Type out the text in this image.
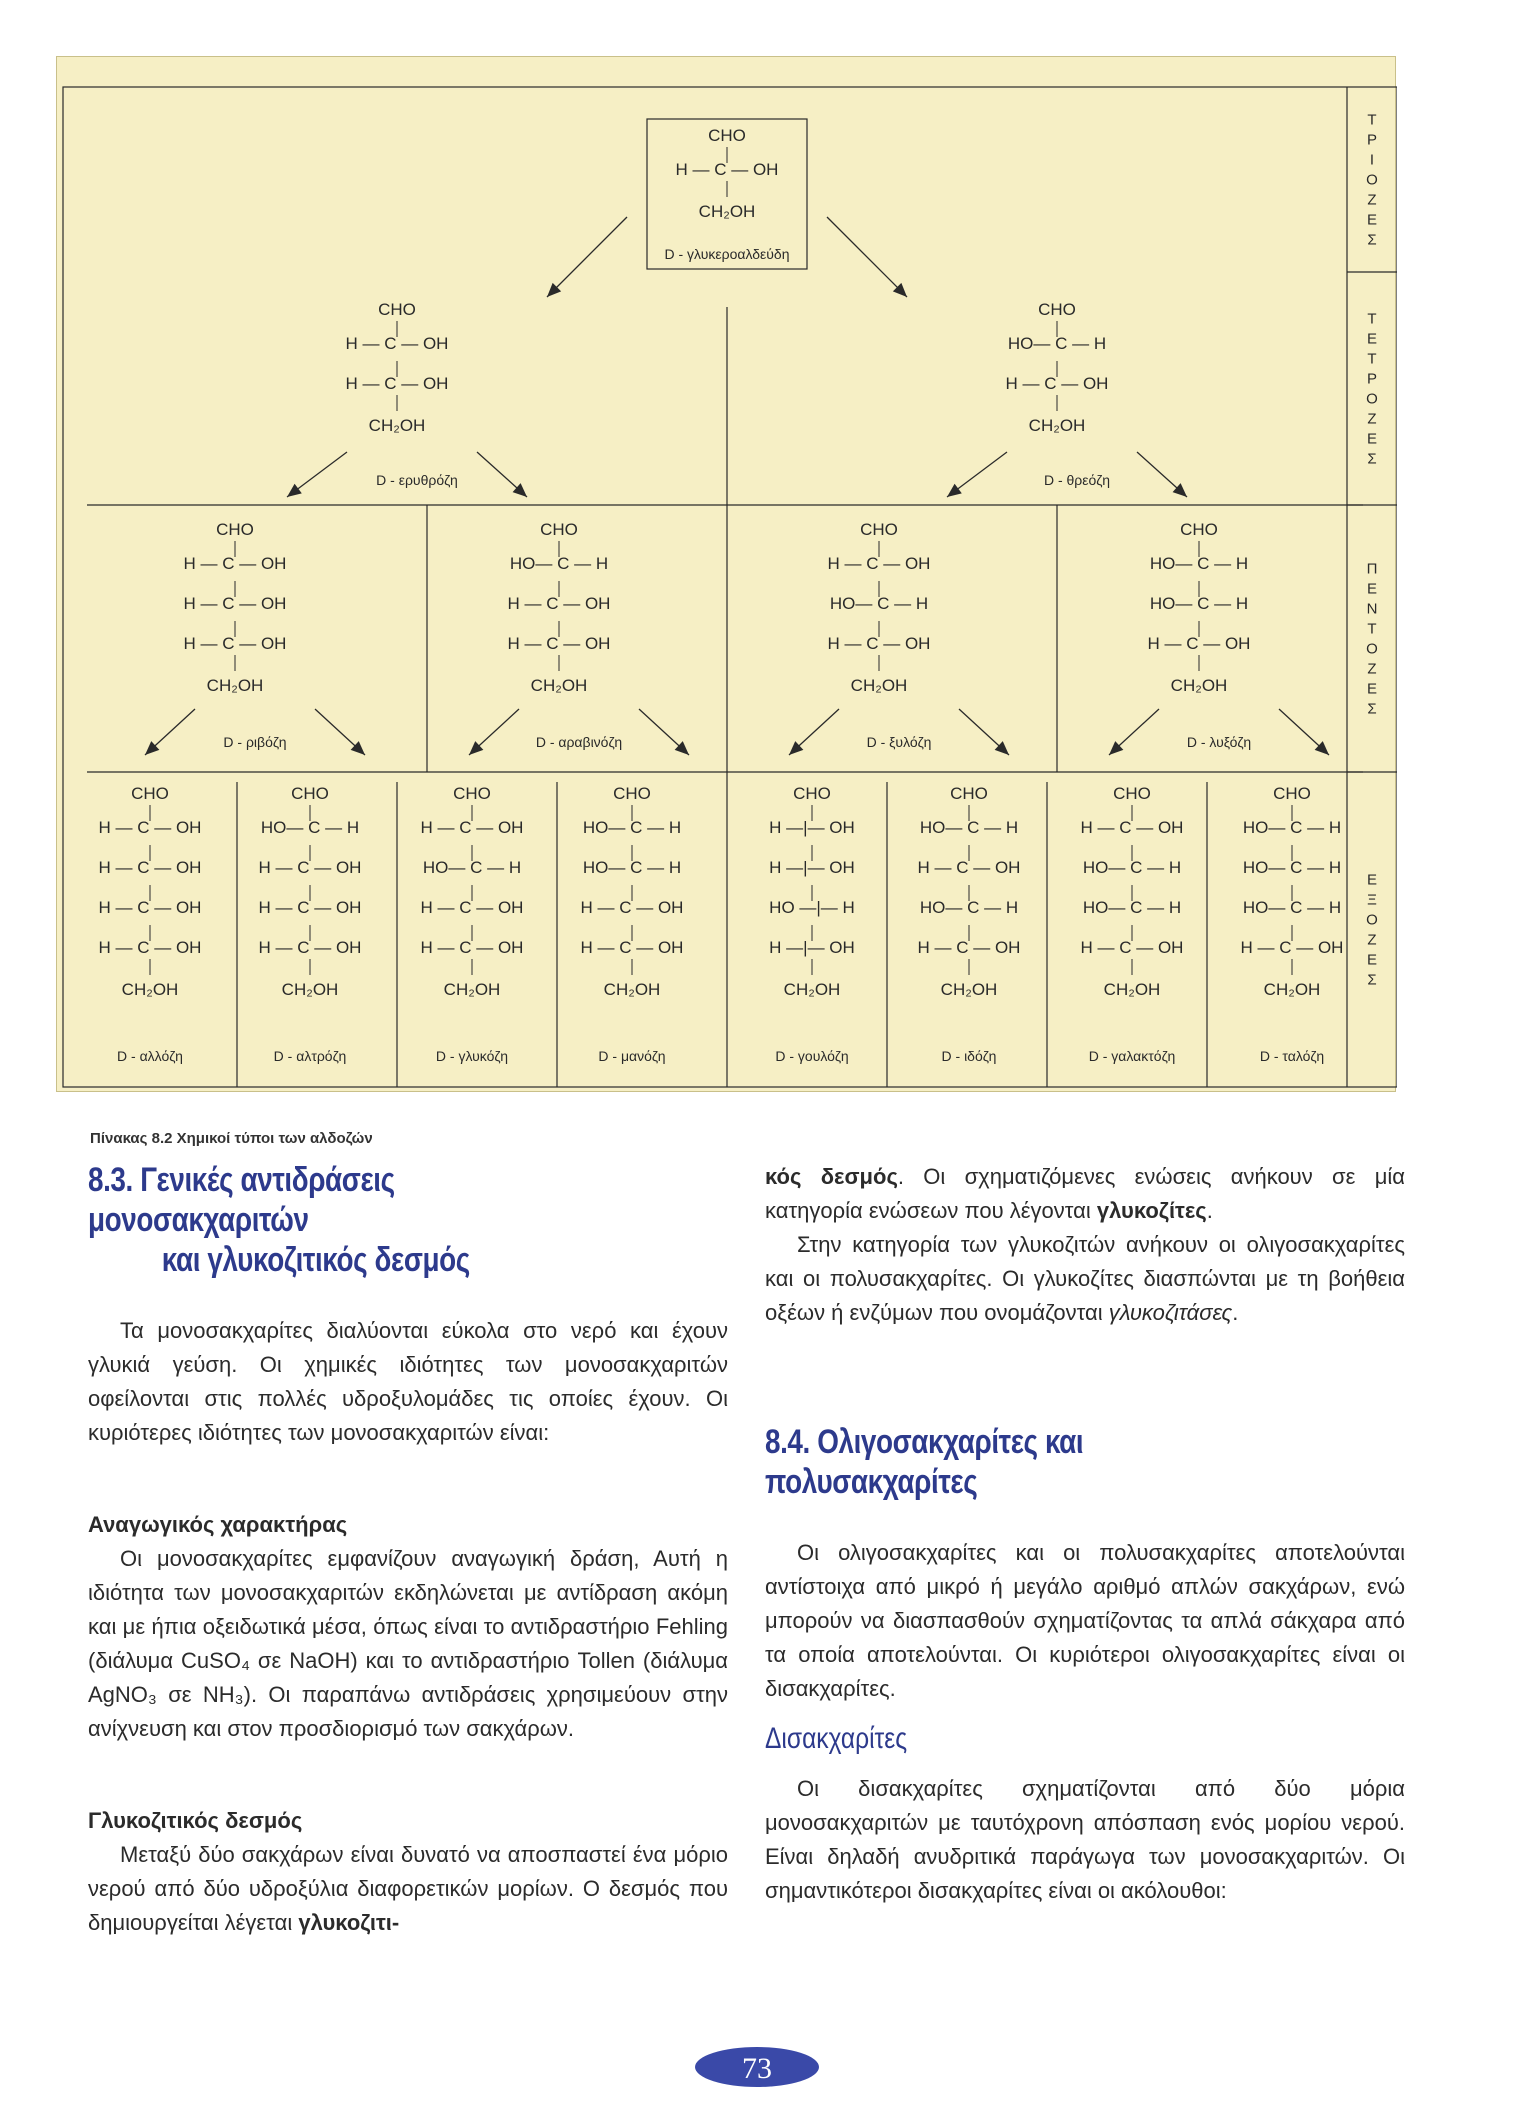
Τ
Ρ
Ι
Ο
Ζ
Ε
Σ
Τ
Ε
Τ
Ρ
Ο
Ζ
Ε
Σ
Π
Ε
Ν
Τ
Ο
Ζ
Ε
Σ
Ε
Ξ
Ο
Ζ
Ε
Σ
CHO
H — C — OH
CH₂OH
D - γλυκεροαλδεύδη
CHO
H — C — OH
H — C — OH
CH₂OH
D - ερυθρόζη
CHO
HO— C — H
H — C — OH
CH₂OH
D - θρεόζη
CHO
H — C — OH
H — C — OH
H — C — OH
CH₂OH
D - ριβόζη
CHO
HO— C — H
H — C — OH
H — C — OH
CH₂OH
D - αραβινόζη
CHO
H — C — OH
HO— C — H
H — C — OH
CH₂OH
D - ξυλόζη
CHO
HO— C — H
HO— C — H
H — C — OH
CH₂OH
D - λυξόζη
CHO
H — C — OH
H — C — OH
H — C — OH
H — C — OH
CH₂OH
D - αλλόζη
CHO
HO— C — H
H — C — OH
H — C — OH
H — C — OH
CH₂OH
D - αλτρόζη
CHO
H — C — OH
HO— C — H
H — C — OH
H — C — OH
CH₂OH
D - γλυκόζη
CHO
HO— C — H
HO— C — H
H — C — OH
H — C — OH
CH₂OH
D - μανόζη
CHO
H —|— OH
H —|— OH
HO —|— H
H —|— OH
CH₂OH
D - γουλόζη
CHO
HO— C — H
H — C — OH
HO— C — H
H — C — OH
CH₂OH
D - ιδόζη
CHO
H — C — OH
HO— C — H
HO— C — H
H — C — OH
CH₂OH
D - γαλακτόζη
CHO
HO— C — H
HO— C — H
HO— C — H
H — C — OH
CH₂OH
D - ταλόζη
Πίνακας 8.2 Χημικοί τύποι των αλδοζών
8.3. Γενικές αντιδράσεις μονοσακχαριτών
και γλυκοζιτικός δεσμός

Τα μονοσακχαρίτες διαλύονται εύκολα στο νερό και έχουν γλυκιά γεύση. Οι χημικές ιδιότητες των μονοσακχαριτών οφείλονται στις πολλές υδροξυλομάδες τις οποίες έχουν. Οι κυριότερες ιδιότητες των μονοσακχαριτών είναι:

Αναγωγικός χαρακτήρας

Οι μονοσακχαρίτες εμφανίζουν αναγωγική δράση, Αυτή η ιδιότητα των μονοσακχαριτών εκδηλώνεται με αντίδραση ακόμη και με ήπια οξειδωτικά μέσα, όπως είναι το αντιδραστήριο Fehling (διάλυμα CuSO₄ σε NaOH) και το αντιδραστήριο Tollen (διάλυμα AgNO₃ σε NH₃). Οι παραπάνω αντιδράσεις χρησιμεύουν στην ανίχνευση και στον προσδιορισμό των σακχάρων.

Γλυκοζιτικός δεσμός

Μεταξύ δύο σακχάρων είναι δυνατό να αποσπαστεί ένα μόριο νερού από δύο υδροξύλια διαφορετικών μορίων. Ο δεσμός που δημιουργείται λέγεται γλυκοζιτι-

κός δεσμός. Οι σχηματιζόμενες ενώσεις ανήκουν σε μία κατηγορία ενώσεων που λέγονται γλυκοζίτες.

Στην κατηγορία των γλυκοζιτών ανήκουν οι ολιγοσακχαρίτες και οι πολυσακχαρίτες. Οι γλυκοζίτες διασπώνται με τη βοήθεια οξέων ή ενζύμων που ονομάζονται γλυκοζιτάσες.

8.4. Ολιγοσακχαρίτες και πολυσακχαρίτες

Οι ολιγοσακχαρίτες και οι πολυσακχαρίτες αποτελούνται αντίστοιχα από μικρό ή μεγάλο αριθμό απλών σακχάρων, ενώ μπορούν να διασπασθούν σχηματίζοντας τα απλά σάκχαρα από τα οποία αποτελούνται. Οι κυριότεροι ολιγοσακχαρίτες είναι οι δισακχαρίτες.

Δισακχαρίτες

Οι δισακχαρίτες σχηματίζονται από δύο μόρια μονοσακχαριτών με ταυτόχρονη απόσπαση ενός μορίου νερού. Είναι δηλαδή ανυδριτικά παράγωγα των μονοσακχαριτών. Οι σημαντικότεροι δισακχαρίτες είναι οι ακόλουθοι:

73
